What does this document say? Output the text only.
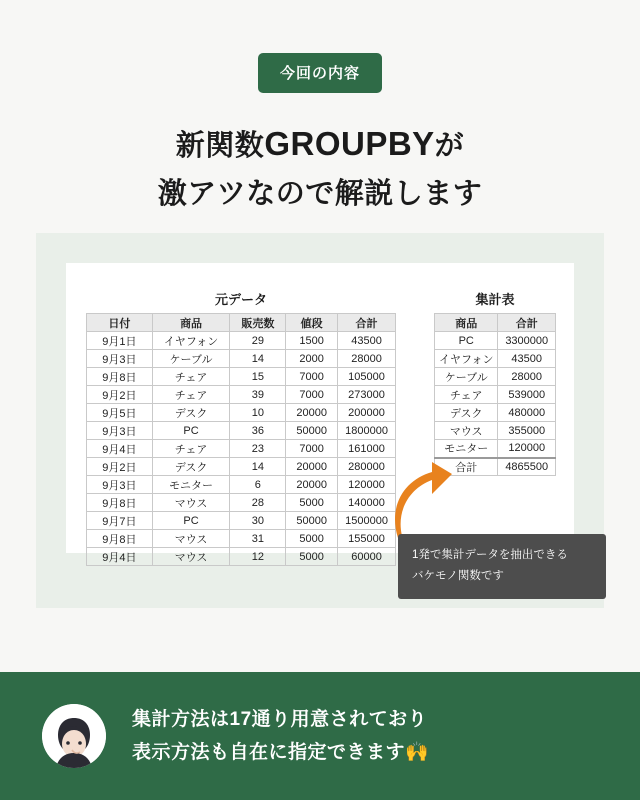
今回の内容
新関数GROUPBYが
激アツなので解説します
元データ
日付	商品	販売数	値段	合計
9月1日	イヤフォン	29	1500	43500
9月3日	ケーブル	14	2000	28000
9月8日	チェア	15	7000	105000
9月2日	チェア	39	7000	273000
9月5日	デスク	10	20000	200000
9月3日	PC	36	50000	1800000
9月4日	チェア	23	7000	161000
9月2日	デスク	14	20000	280000
9月3日	モニター	6	20000	120000
9月8日	マウス	28	5000	140000
9月7日	PC	30	50000	1500000
9月8日	マウス	31	5000	155000
9月4日	マウス	12	5000	60000
集計表
商品	合計
PC	3300000
イヤフォン	43500
ケーブル	28000
チェア	539000
デスク	480000
マウス	355000
モニター	120000
合計	4865500
1発で集計データを抽出できる
バケモノ関数です
集計方法は17通り用意されており
表示方法も自在に指定できます🙌
